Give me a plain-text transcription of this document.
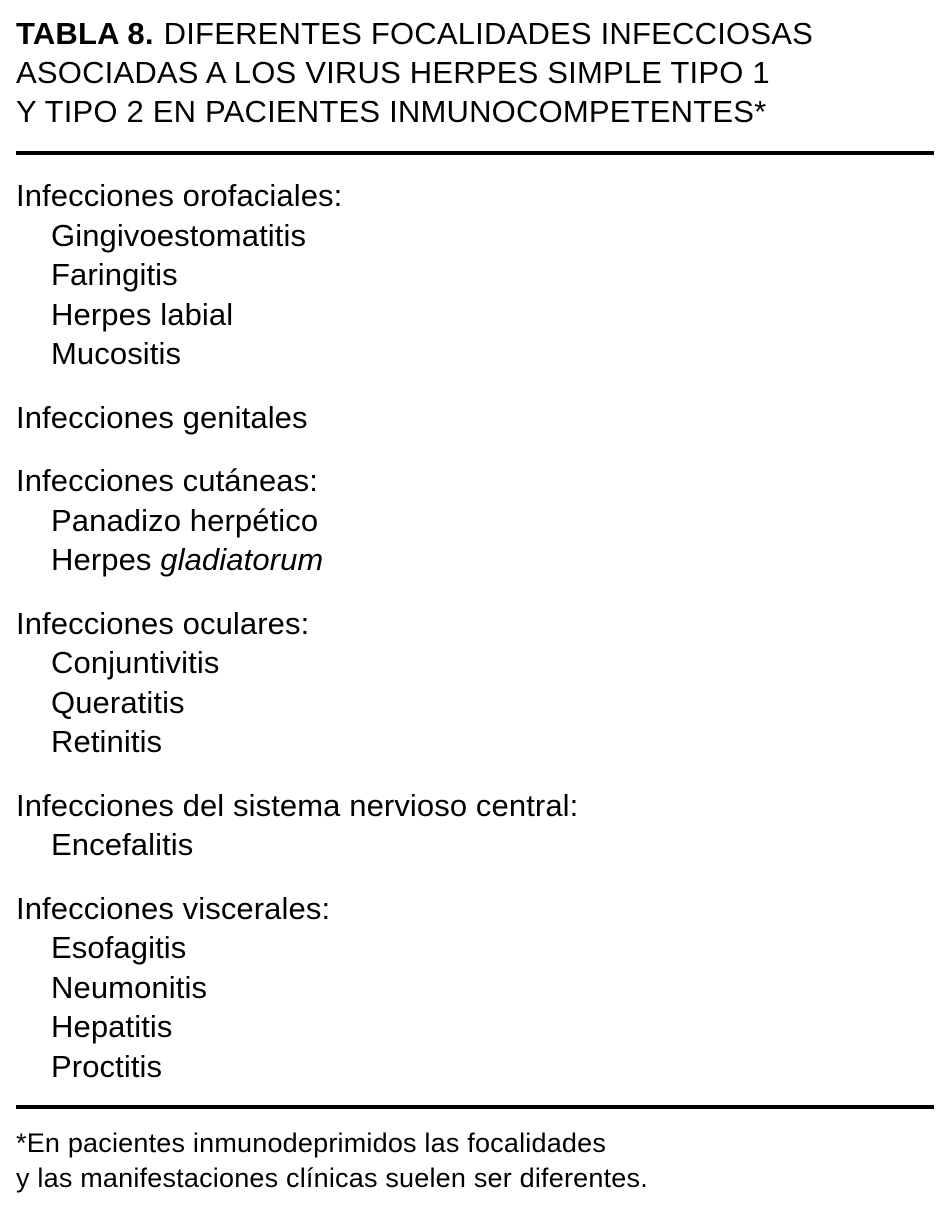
TABLA 8. DIFERENTES FOCALIDADES INFECCIOSAS
ASOCIADAS A LOS VIRUS HERPES SIMPLE TIPO 1
Y TIPO 2 EN PACIENTES INMUNOCOMPETENTES*
Infecciones orofaciales:
Gingivoestomatitis
Faringitis
Herpes labial
Mucositis
Infecciones genitales
Infecciones cutáneas:
Panadizo herpético
Herpes gladiatorum
Infecciones oculares:
Conjuntivitis
Queratitis
Retinitis
Infecciones del sistema nervioso central:
Encefalitis
Infecciones viscerales:
Esofagitis
Neumonitis
Hepatitis
Proctitis
*En pacientes inmunodeprimidos las focalidades
y las manifestaciones clínicas suelen ser diferentes.
